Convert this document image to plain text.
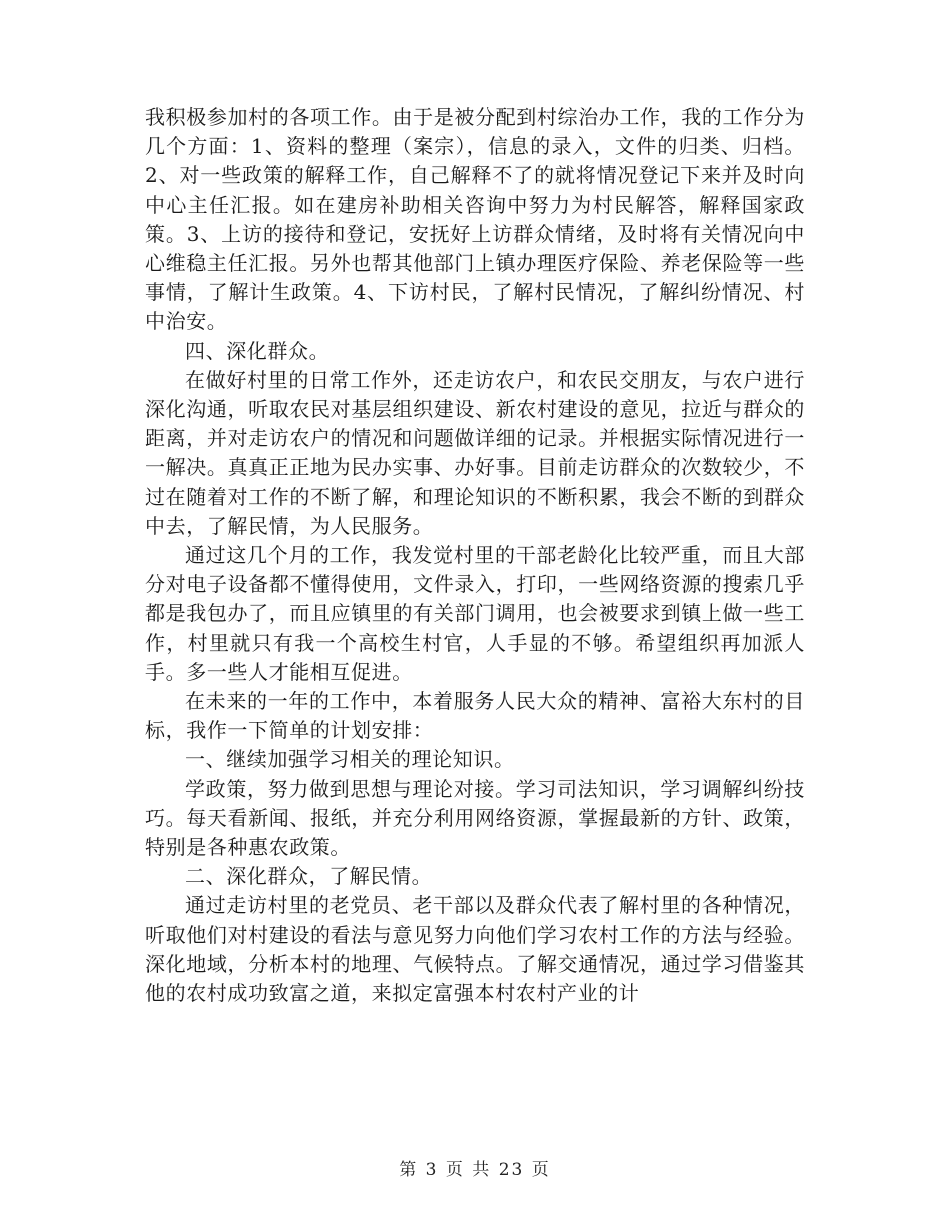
我积极参加村的各项工作。由于是被分配到村综治办工作，我的工作分为几个方面：1、资料的整理（案宗），信息的录入，文件的归类、归档。2、对一些政策的解释工作，自己解释不了的就将情况登记下来并及时向中心主任汇报。如在建房补助相关咨询中努力为村民解答，解释国家政策。3、上访的接待和登记，安抚好上访群众情绪，及时将有关情况向中心维稳主任汇报。另外也帮其他部门上镇办理医疗保险、养老保险等一些事情，了解计生政策。4、下访村民，了解村民情况，了解纠纷情况、村中治安。

四、深化群众。

在做好村里的日常工作外，还走访农户，和农民交朋友，与农户进行深化沟通，听取农民对基层组织建设、新农村建设的意见，拉近与群众的距离，并对走访农户的情况和问题做详细的记录。并根据实际情况进行一一解决。真真正正地为民办实事、办好事。目前走访群众的次数较少，不过在随着对工作的不断了解，和理论知识的不断积累，我会不断的到群众中去，了解民情，为人民服务。

通过这几个月的工作，我发觉村里的干部老龄化比较严重，而且大部分对电子设备都不懂得使用，文件录入，打印，一些网络资源的搜索几乎都是我包办了，而且应镇里的有关部门调用，也会被要求到镇上做一些工作，村里就只有我一个高校生村官，人手显的不够。希望组织再加派人手。多一些人才能相互促进。

在未来的一年的工作中，本着服务人民大众的精神、富裕大东村的目标，我作一下简单的计划安排：

一、继续加强学习相关的理论知识。

学政策，努力做到思想与理论对接。学习司法知识，学习调解纠纷技巧。每天看新闻、报纸，并充分利用网络资源，掌握最新的方针、政策，特别是各种惠农政策。

二、深化群众，了解民情。

通过走访村里的老党员、老干部以及群众代表了解村里的各种情况，听取他们对村建设的看法与意见努力向他们学习农村工作的方法与经验。深化地域，分析本村的地理、气候特点。了解交通情况，通过学习借鉴其他的农村成功致富之道，来拟定富强本村农村产业的计

第 3 页 共 23 页
